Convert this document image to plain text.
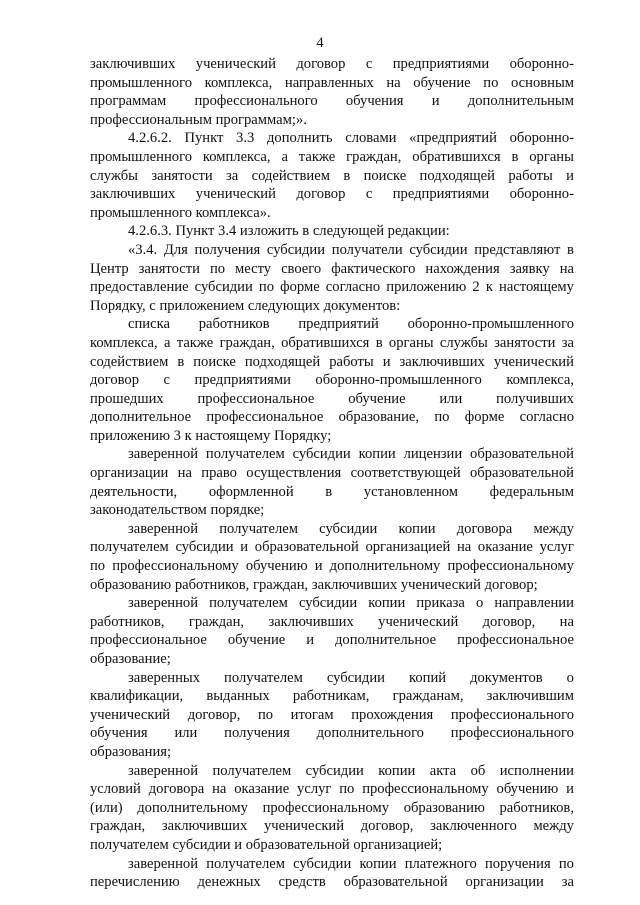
4
заключивших ученический договор с предприятиями оборонно-
промышленного комплекса, направленных на обучение по основным
программам профессионального обучения и дополнительным
профессиональным программам;».
4.2.6.2. Пункт 3.3 дополнить словами «предприятий оборонно-
промышленного комплекса, а также граждан, обратившихся в органы
службы занятости за содействием в поиске подходящей работы и
заключивших ученический договор с предприятиями оборонно-
промышленного комплекса».
4.2.6.3. Пункт 3.4 изложить в следующей редакции:
«3.4. Для получения субсидии получатели субсидии представляют в
Центр занятости по месту своего фактического нахождения заявку на
предоставление субсидии по форме согласно приложению 2 к настоящему
Порядку, с приложением следующих документов:
списка работников предприятий оборонно-промышленного
комплекса, а также граждан, обратившихся в органы службы занятости за
содействием в поиске подходящей работы и заключивших ученический
договор с предприятиями оборонно-промышленного комплекса,
прошедших профессиональное обучение или получивших
дополнительное профессиональное образование, по форме согласно
приложению 3 к настоящему Порядку;
заверенной получателем субсидии копии лицензии образовательной
организации на право осуществления соответствующей образовательной
деятельности, оформленной в установленном федеральным
законодательством порядке;
заверенной получателем субсидии копии договора между
получателем субсидии и образовательной организацией на оказание услуг
по профессиональному обучению и дополнительному профессиональному
образованию работников, граждан, заключивших ученический договор;
заверенной получателем субсидии копии приказа о направлении
работников, граждан, заключивших ученический договор, на
профессиональное обучение и дополнительное профессиональное
образование;
заверенных получателем субсидии копий документов о
квалификации, выданных работникам, гражданам, заключившим
ученический договор, по итогам прохождения профессионального
обучения или получения дополнительного профессионального
образования;
заверенной получателем субсидии копии акта об исполнении
условий договора на оказание услуг по профессиональному обучению и
(или) дополнительному профессиональному образованию работников,
граждан, заключивших ученический договор, заключенного между
получателем субсидии и образовательной организацией;
заверенной получателем субсидии копии платежного поручения по
перечислению денежных средств образовательной организации за
